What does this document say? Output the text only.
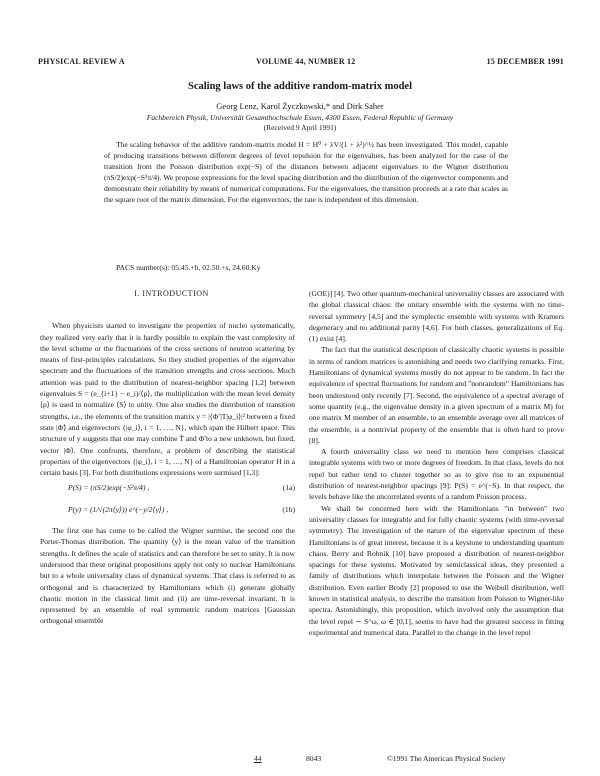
PHYSICAL REVIEW A	VOLUME 44, NUMBER 12	15 DECEMBER 1991
Scaling laws of the additive random-matrix model
Georg Lenz, Karol Życzkowski,* and Dirk Saher
Fachbereich Physik, Universität Gesamthochschule Essen, 4300 Essen, Federal Republic of Germany
(Received 9 April 1991)

The scaling behavior of the additive random-matrix model H = H⁰ + λV/(1 + λ²)^½ has been investigated. This model, capable of producing transitions between different degrees of level repulsion for the eigenvalues, has been analyzed for the case of the transition from the Poisson distribution exp(−S) of the distances between adjacent eigenvalues to the Wigner distribution (πS/2)exp(−S²π/4). We propose expressions for the level spacing distribution and the distribution of the eigenvector components and demonstrate their reliability by means of numerical computations. For the eigenvalues, the transition proceeds at a rate that scales as the square root of the matrix dimension. For the eigenvectors, the rate is independent of this dimension.

PACS number(s): 05.45.+b, 02.50.+s, 24.60.Ky
I. INTRODUCTION

When physicists started to investigate the properties of nuclei systematically, they realized very early that it is hardly possible to explain the vast complexity of the level scheme or the fluctuations of the cross sections of neutron scattering by means of first-principles calculations. So they studied properties of the eigenvalue spectrum and the fluctuations of the transition strengths and cross sections. Much attention was paid to the distribution of nearest-neighbor spacing [1,2] between eigenvalues S = (e_{i+1} − e_i)/⟨ρ⟩, the multiplication with the mean level density ⟨ρ⟩ is used to normalize ⟨S⟩ to unity. One also studies the distribution of transition strengths, i.e., the elements of the transition matrix y = |⟨Φ̃ |T|φ_i⟩|² between a fixed state |Φ̃⟩ and eigenvectors {|φ_i⟩, i = 1, …, N}, which span the Hilbert space. This structure of y suggests that one may combine T̃ and Φ̃ to a new unknown, but fixed, vector |Φ⟩. One confronts, therefore, a problem of describing the statistical properties of the eigenvectors {|φ_i⟩, i = 1, …, N} of a Hamiltonian operator H in a certain basis [3]. For both distributions expressions were surmised [1,3]:

P(S) = (πS/2)exp(−S²π/4) ,	(1a)
P(y) = (1/√(2π⟨y⟩)) e^(−y/2⟨y⟩) ,	(1b)

The first one has come to be called the Wigner surmise, the second one the Porter-Thomas distribution. The quantity ⟨y⟩ is the mean value of the transition strengths. It defines the scale of statistics and can therefore be set to unity. It is now understood that these original propositions apply not only to nuclear Hamiltonians but to a whole universality class of dynamical systems. That class is referred to as orthogonal and is characterized by Hamiltonians which (i) generate globally chaotic motion in the classical limit and (ii) are time-reversal invariant. It is represented by an ensemble of real symmetric random matrices [Gaussian orthogonal ensemble

(GOE)] [4]. Two other quantum-mechanical universality classes are associated with the global classical chaos: the unitary ensemble with the systems with no time-reversal symmetry [4,5] and the symplectic ensemble with systems with Kramers degeneracy and no additional parity [4,6]. For both classes, generalizations of Eq. (1) exist [4].

The fact that the statistical description of classically chaotic systems is possible in terms of random matrices is astonishing and needs two clarifying remarks. First, Hamiltonians of dynamical systems mostly do not appear to be random. In fact the equivalence of spectral fluctuations for random and "nonrandom" Hamiltonians has been understood only recently [7]. Second, the equivalence of a spectral average of some quantity (e.g., the eigenvalue density in a given spectrum of a matrix M) for one matrix M member of an ensemble, to an ensemble average over all matrices of the ensemble, is a nontrivial property of the ensemble that is often hard to prove [8].

A fourth universality class we need to mention here comprises classical integrable systems with two or more degrees of freedom. In that class, levels do not repel but rather tend to cluster together so as to give rise to an exponential distribution of nearest-neighbor spacings [9]: P(S) = e^(−S). In that respect, the levels behave like the uncorrelated events of a random Poisson process.

We shall be concerned here with the Hamiltonians "in between" two universality classes for integrable and for fully chaotic systems (with time-reversal symmetry). The investigation of the nature of the eigenvalue spectrum of these Hamiltonians is of great interest, because it is a keystone to understanding quantum chaos. Berry and Robnik [10] have proposed a distribution of nearest-neighbor spacings for these systems. Motivated by semiclassical ideas, they presented a family of distributions which interpolate between the Poisson and the Wigner distribution. Even earlier Brody [2] proposed to use the Weibull distribution, well known in statistical analysis, to describe the transition from Poisson to Wigner-like spectra. Astonishingly, this proposition, which involved only the assumption that the level repel ∼ S^ω, ω ∈ [0,1], seems to have had the greatest success in fitting experimental and numerical data. Parallel to the change in the level repul

44	8043	©1991 The American Physical Society
